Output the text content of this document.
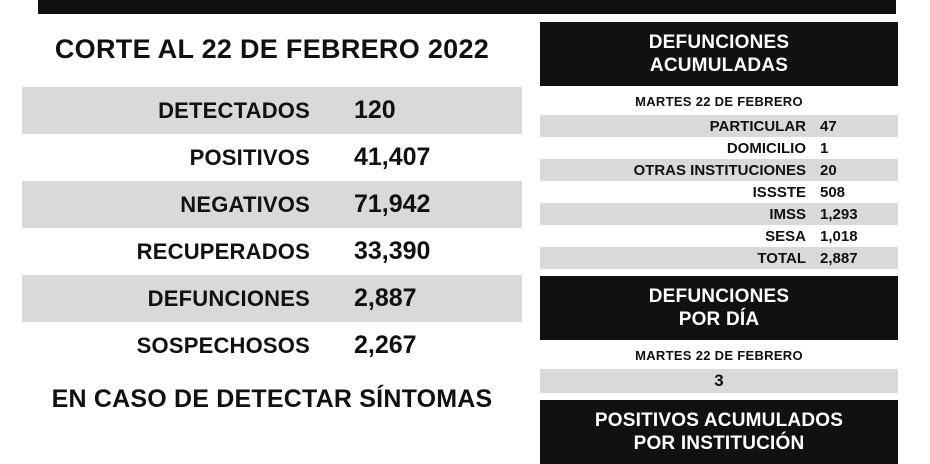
CORTE AL 22 DE FEBRERO 2022
DETECTADOS	120
POSITIVOS	41,407
NEGATIVOS	71,942
RECUPERADOS	33,390
DEFUNCIONES	2,887
SOSPECHOSOS	2,267
EN CASO DE DETECTAR SÍNTOMAS
DEFUNCIONES
ACUMULADAS
MARTES 22 DE FEBRERO
PARTICULAR 47
DOMICILIO 1
OTRAS INSTITUCIONES 20
ISSSTE 508
IMSS 1,293
SESA 1,018
TOTAL 2,887
DEFUNCIONES
POR DÍA
MARTES 22 DE FEBRERO
3
POSITIVOS ACUMULADOS
POR INSTITUCIÓN
